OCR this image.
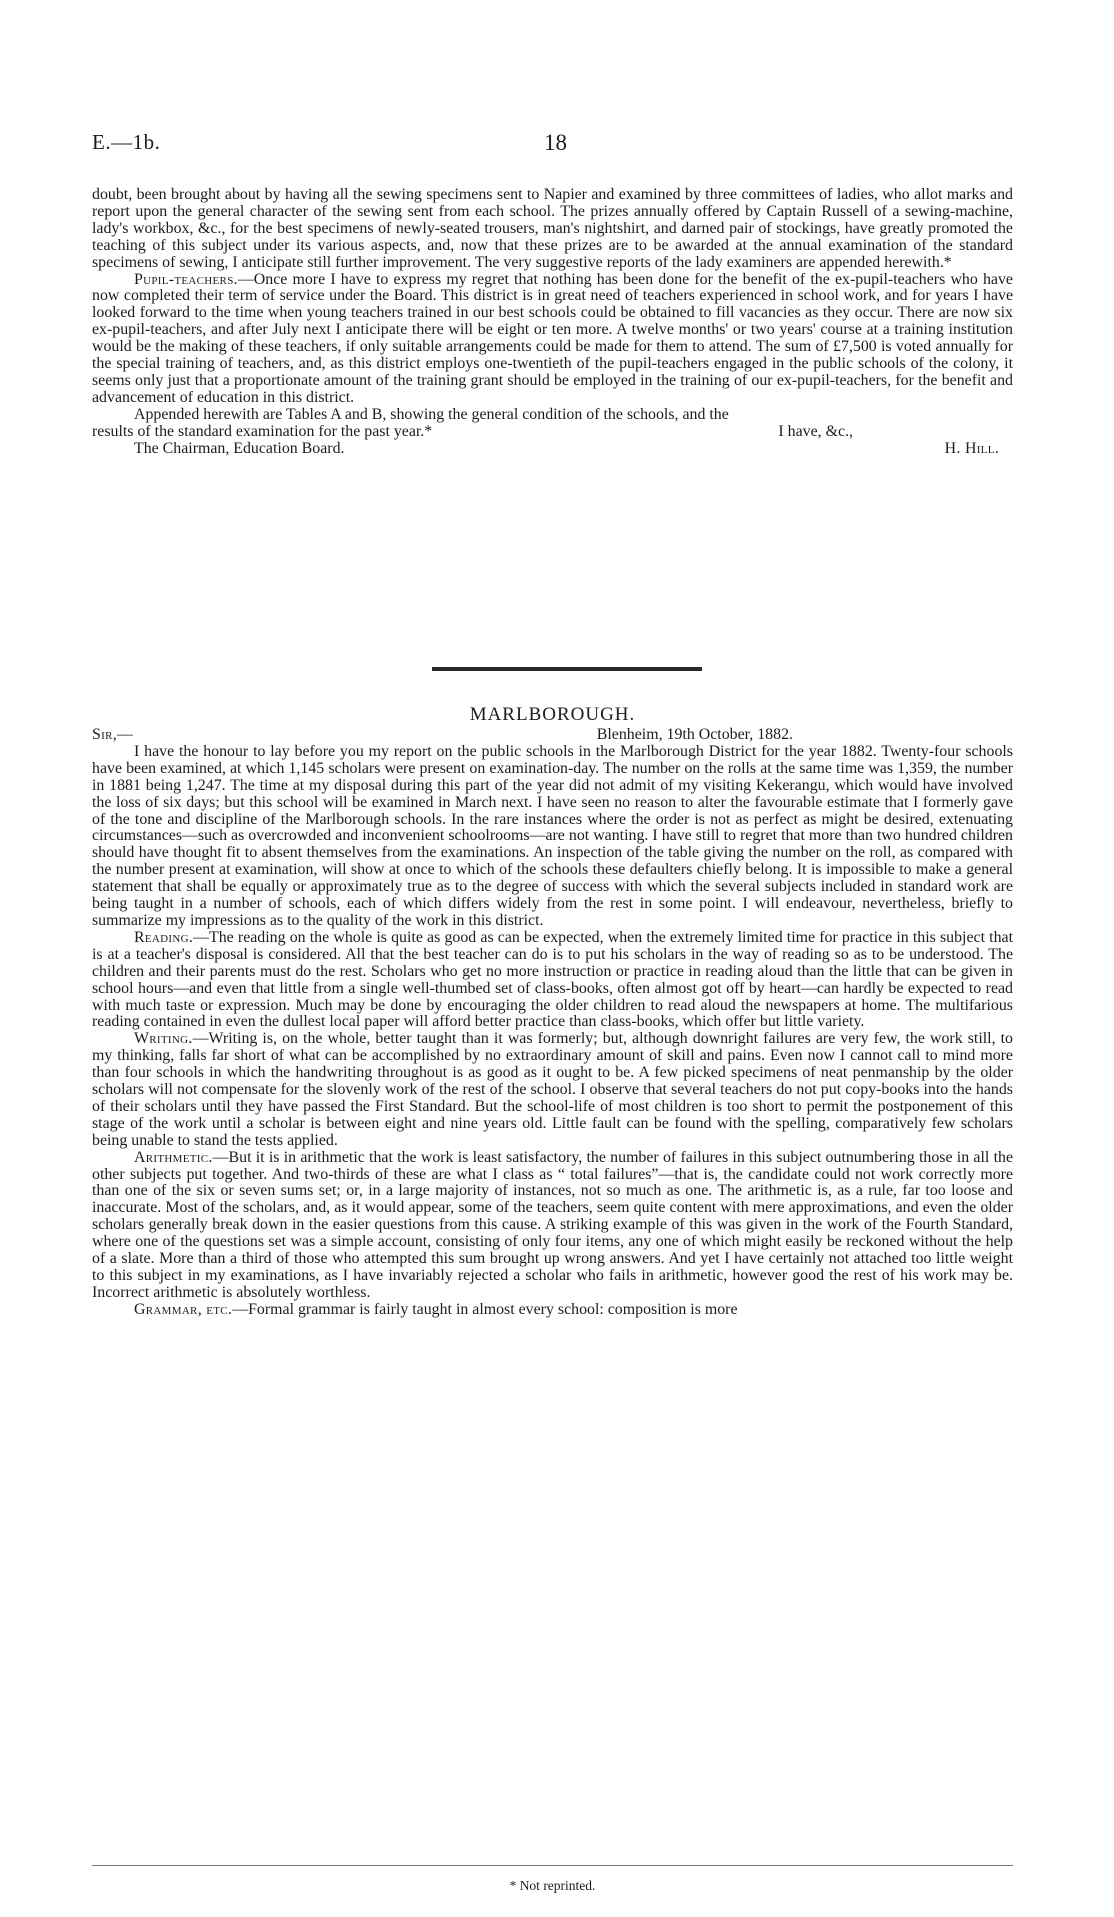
E.—1b.	18

doubt, been brought about by having all the sewing specimens sent to Napier and examined by three committees of ladies, who allot marks and report upon the general character of the sewing sent from each school. The prizes annually offered by Captain Russell of a sewing-machine, lady's workbox, &c., for the best specimens of newly-seated trousers, man's nightshirt, and darned pair of stockings, have greatly promoted the teaching of this subject under its various aspects, and, now that these prizes are to be awarded at the annual examination of the standard specimens of sewing, I anticipate still further improvement. The very suggestive reports of the lady examiners are appended herewith.*

Pupil-teachers.—Once more I have to express my regret that nothing has been done for the benefit of the ex-pupil-teachers who have now completed their term of service under the Board. This district is in great need of teachers experienced in school work, and for years I have looked forward to the time when young teachers trained in our best schools could be obtained to fill vacancies as they occur. There are now six ex-pupil-teachers, and after July next I anticipate there will be eight or ten more. A twelve months' or two years' course at a training institution would be the making of these teachers, if only suitable arrangements could be made for them to attend. The sum of £7,500 is voted annually for the special training of teachers, and, as this district employs one-twentieth of the pupil-teachers engaged in the public schools of the colony, it seems only just that a proportionate amount of the training grant should be employed in the training of our ex-pupil-teachers, for the benefit and advancement of education in this district.

Appended herewith are Tables A and B, showing the general condition of the schools, and the

results of the standard examination for the past year.*	I have, &c.,
The Chairman, Education Board.	H. Hill.
MARLBOROUGH.
Sir,—	Blenheim, 19th October, 1882.

I have the honour to lay before you my report on the public schools in the Marlborough District for the year 1882. Twenty-four schools have been examined, at which 1,145 scholars were present on examination-day. The number on the rolls at the same time was 1,359, the number in 1881 being 1,247. The time at my disposal during this part of the year did not admit of my visiting Kekerangu, which would have involved the loss of six days; but this school will be examined in March next. I have seen no reason to alter the favourable estimate that I formerly gave of the tone and discipline of the Marlborough schools. In the rare instances where the order is not as perfect as might be desired, extenuating circumstances—such as overcrowded and inconvenient schoolrooms—are not wanting. I have still to regret that more than two hundred children should have thought fit to absent themselves from the examinations. An inspection of the table giving the number on the roll, as compared with the number present at examination, will show at once to which of the schools these defaulters chiefly belong. It is impossible to make a general statement that shall be equally or approximately true as to the degree of success with which the several subjects included in standard work are being taught in a number of schools, each of which differs widely from the rest in some point. I will endeavour, nevertheless, briefly to summarize my impressions as to the quality of the work in this district.

Reading.—The reading on the whole is quite as good as can be expected, when the extremely limited time for practice in this subject that is at a teacher's disposal is considered. All that the best teacher can do is to put his scholars in the way of reading so as to be understood. The children and their parents must do the rest. Scholars who get no more instruction or practice in reading aloud than the little that can be given in school hours—and even that little from a single well-thumbed set of class-books, often almost got off by heart—can hardly be expected to read with much taste or expression. Much may be done by encouraging the older children to read aloud the newspapers at home. The multifarious reading contained in even the dullest local paper will afford better practice than class-books, which offer but little variety.

Writing.—Writing is, on the whole, better taught than it was formerly; but, although downright failures are very few, the work still, to my thinking, falls far short of what can be accomplished by no extraordinary amount of skill and pains. Even now I cannot call to mind more than four schools in which the handwriting throughout is as good as it ought to be. A few picked specimens of neat penmanship by the older scholars will not compensate for the slovenly work of the rest of the school. I observe that several teachers do not put copy-books into the hands of their scholars until they have passed the First Standard. But the school-life of most children is too short to permit the postponement of this stage of the work until a scholar is between eight and nine years old. Little fault can be found with the spelling, comparatively few scholars being unable to stand the tests applied.

Arithmetic.—But it is in arithmetic that the work is least satisfactory, the number of failures in this subject outnumbering those in all the other subjects put together. And two-thirds of these are what I class as “ total failures”—that is, the candidate could not work correctly more than one of the six or seven sums set; or, in a large majority of instances, not so much as one. The arithmetic is, as a rule, far too loose and inaccurate. Most of the scholars, and, as it would appear, some of the teachers, seem quite content with mere approximations, and even the older scholars generally break down in the easier questions from this cause. A striking example of this was given in the work of the Fourth Standard, where one of the questions set was a simple account, consisting of only four items, any one of which might easily be reckoned without the help of a slate. More than a third of those who attempted this sum brought up wrong answers. And yet I have certainly not attached too little weight to this subject in my examinations, as I have invariably rejected a scholar who fails in arithmetic, however good the rest of his work may be. Incorrect arithmetic is absolutely worthless.

Grammar, etc.—Formal grammar is fairly taught in almost every school: composition is more

* Not reprinted.
